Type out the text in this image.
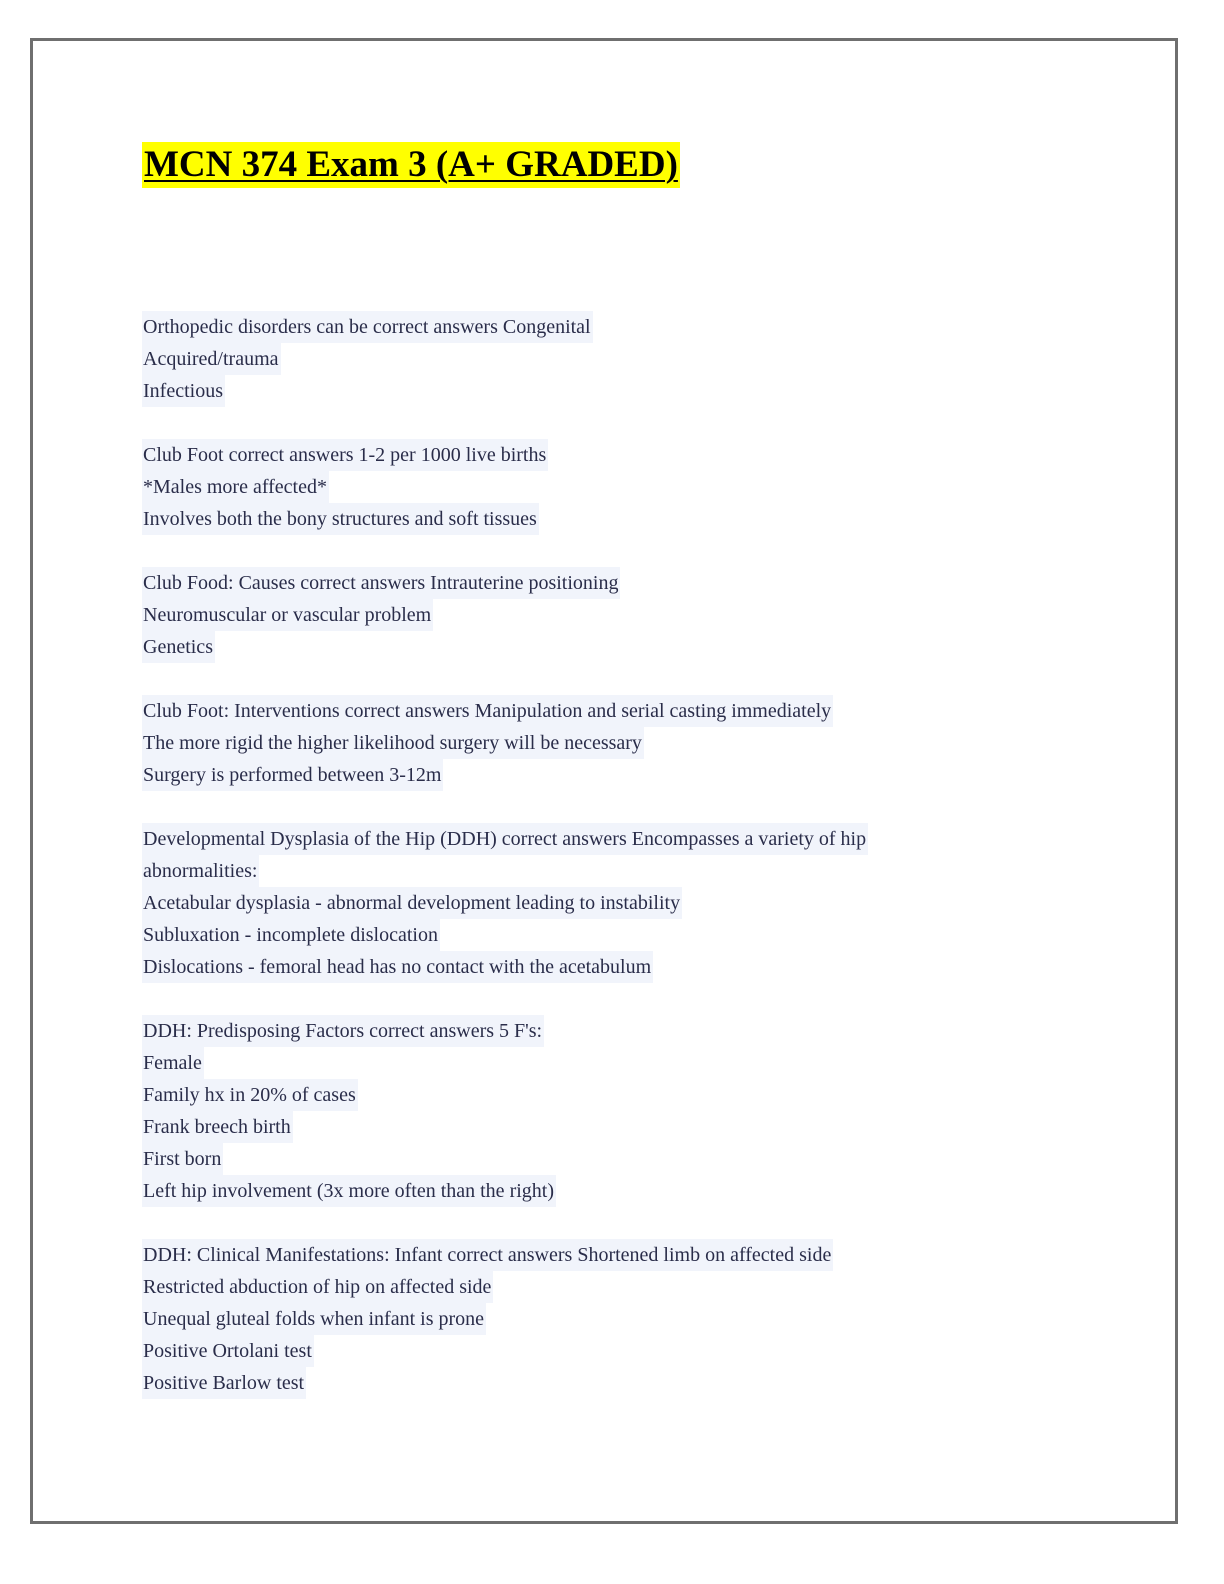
MCN 374 Exam 3 (A+ GRADED)
Orthopedic disorders can be correct answers Congenital
Acquired/trauma
Infectious
Club Foot correct answers 1-2 per 1000 live births
*Males more affected*
Involves both the bony structures and soft tissues
Club Food: Causes correct answers Intrauterine positioning
Neuromuscular or vascular problem
Genetics
Club Foot: Interventions correct answers Manipulation and serial casting immediately
The more rigid the higher likelihood surgery will be necessary
Surgery is performed between 3-12m
Developmental Dysplasia of the Hip (DDH) correct answers Encompasses a variety of hip
abnormalities:
Acetabular dysplasia - abnormal development leading to instability
Subluxation - incomplete dislocation
Dislocations - femoral head has no contact with the acetabulum
DDH: Predisposing Factors correct answers 5 F's:
Female
Family hx in 20% of cases
Frank breech birth
First born
Left hip involvement (3x more often than the right)
DDH: Clinical Manifestations: Infant correct answers Shortened limb on affected side
Restricted abduction of hip on affected side
Unequal gluteal folds when infant is prone
Positive Ortolani test
Positive Barlow test
